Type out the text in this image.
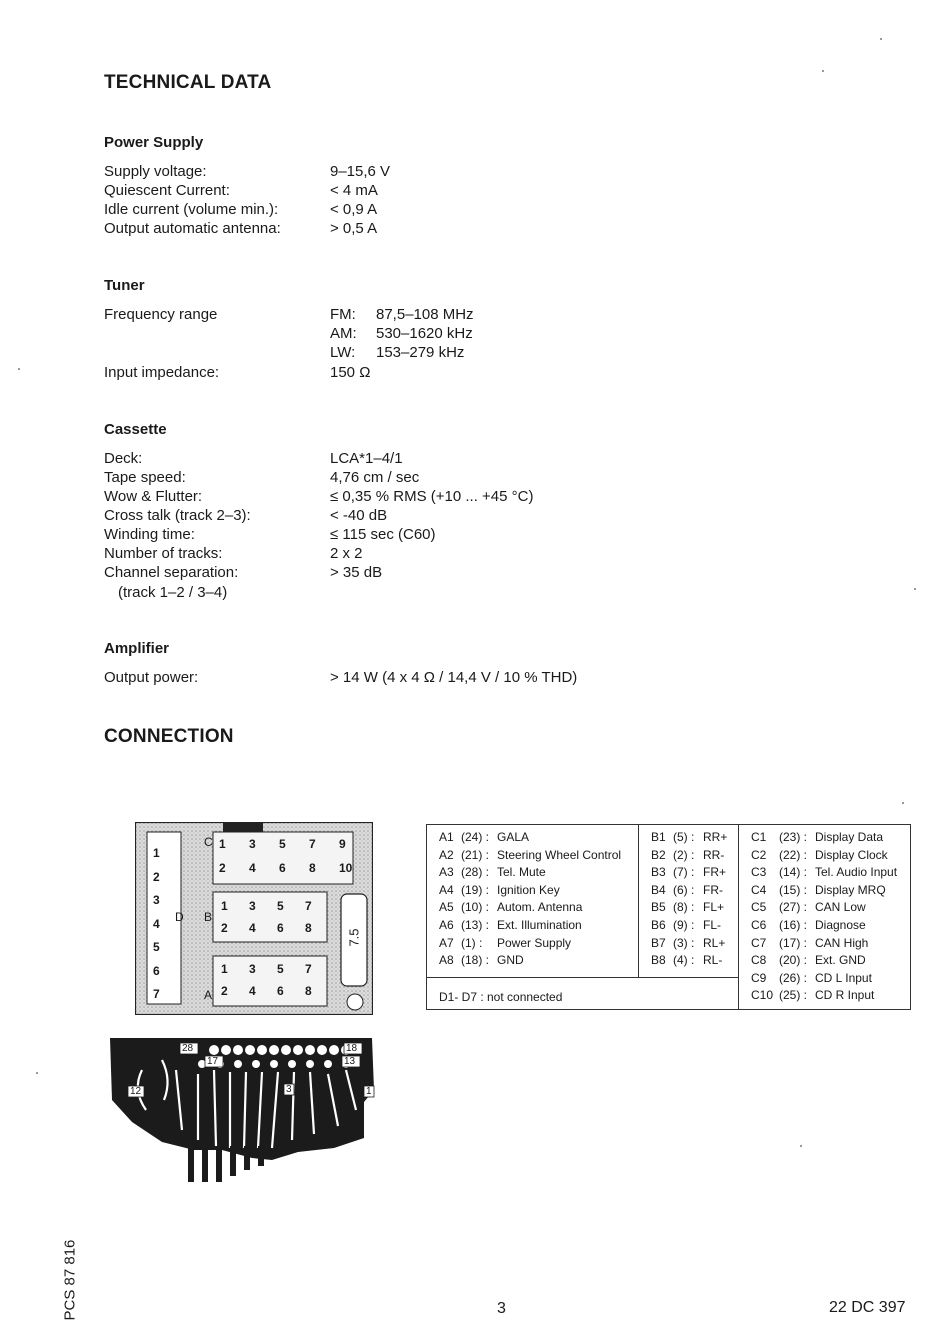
TECHNICAL DATA
Power Supply
Supply voltage:	9–15,6 V
Quiescent Current:	< 4 mA
Idle current (volume min.):	< 0,9 A
Output automatic antenna:	> 0,5 A
Tuner
Frequency range	FM: 87,5–108 MHz
AM: 530–1620 kHz
LW: 153–279 kHz
Input impedance:	150 Ω
Cassette
Deck:	LCA*1–4/1
Tape speed:	4,76 cm / sec
Wow & Flutter:	≤ 0,35 % RMS (+10 ... +45 °C)
Cross talk (track 2–3):	< -40 dB
Winding time:	≤ 115 sec (C60)
Number of tracks:	2 x 2
Channel separation:	> 35 dB
(track 1–2 / 3–4)
Amplifier
Output power:	> 14 W (4 x 4 Ω / 14,4 V / 10 % THD)
CONNECTION
1
2
3
4
5
6
7
D
C
B
A
1 3 5 7 9
2 4 6 8 10
1 3 5 7
2 4 6 8
1 3 5 7
2 4 6 8
7.5
28
17
18
13
12	3	1
A1 (24) : GALA
A2 (21) : Steering Wheel Control
A3 (28) : Tel. Mute
A4 (19) : Ignition Key
A5 (10) : Autom. Antenna
A6 (13) : Ext. Illumination
A7 (1) : Power Supply
A8 (18) : GND
B1 (5) : RR+
B2 (2) : RR-
B3 (7) : FR+
B4 (6) : FR-
B5 (8) : FL+
B6 (9) : FL-
B7 (3) : RL+
B8 (4) : RL-
C1 (23) : Display Data
C2 (22) : Display Clock
C3 (14) : Tel. Audio Input
C4 (15) : Display MRQ
C5 (27) : CAN Low
C6 (16) : Diagnose
C7 (17) : CAN High
C8 (20) : Ext. GND
C9 (26) : CD L Input
C10 (25) : CD R Input
D1- D7 : not connected
PCS 87 816	3	22 DC 397
